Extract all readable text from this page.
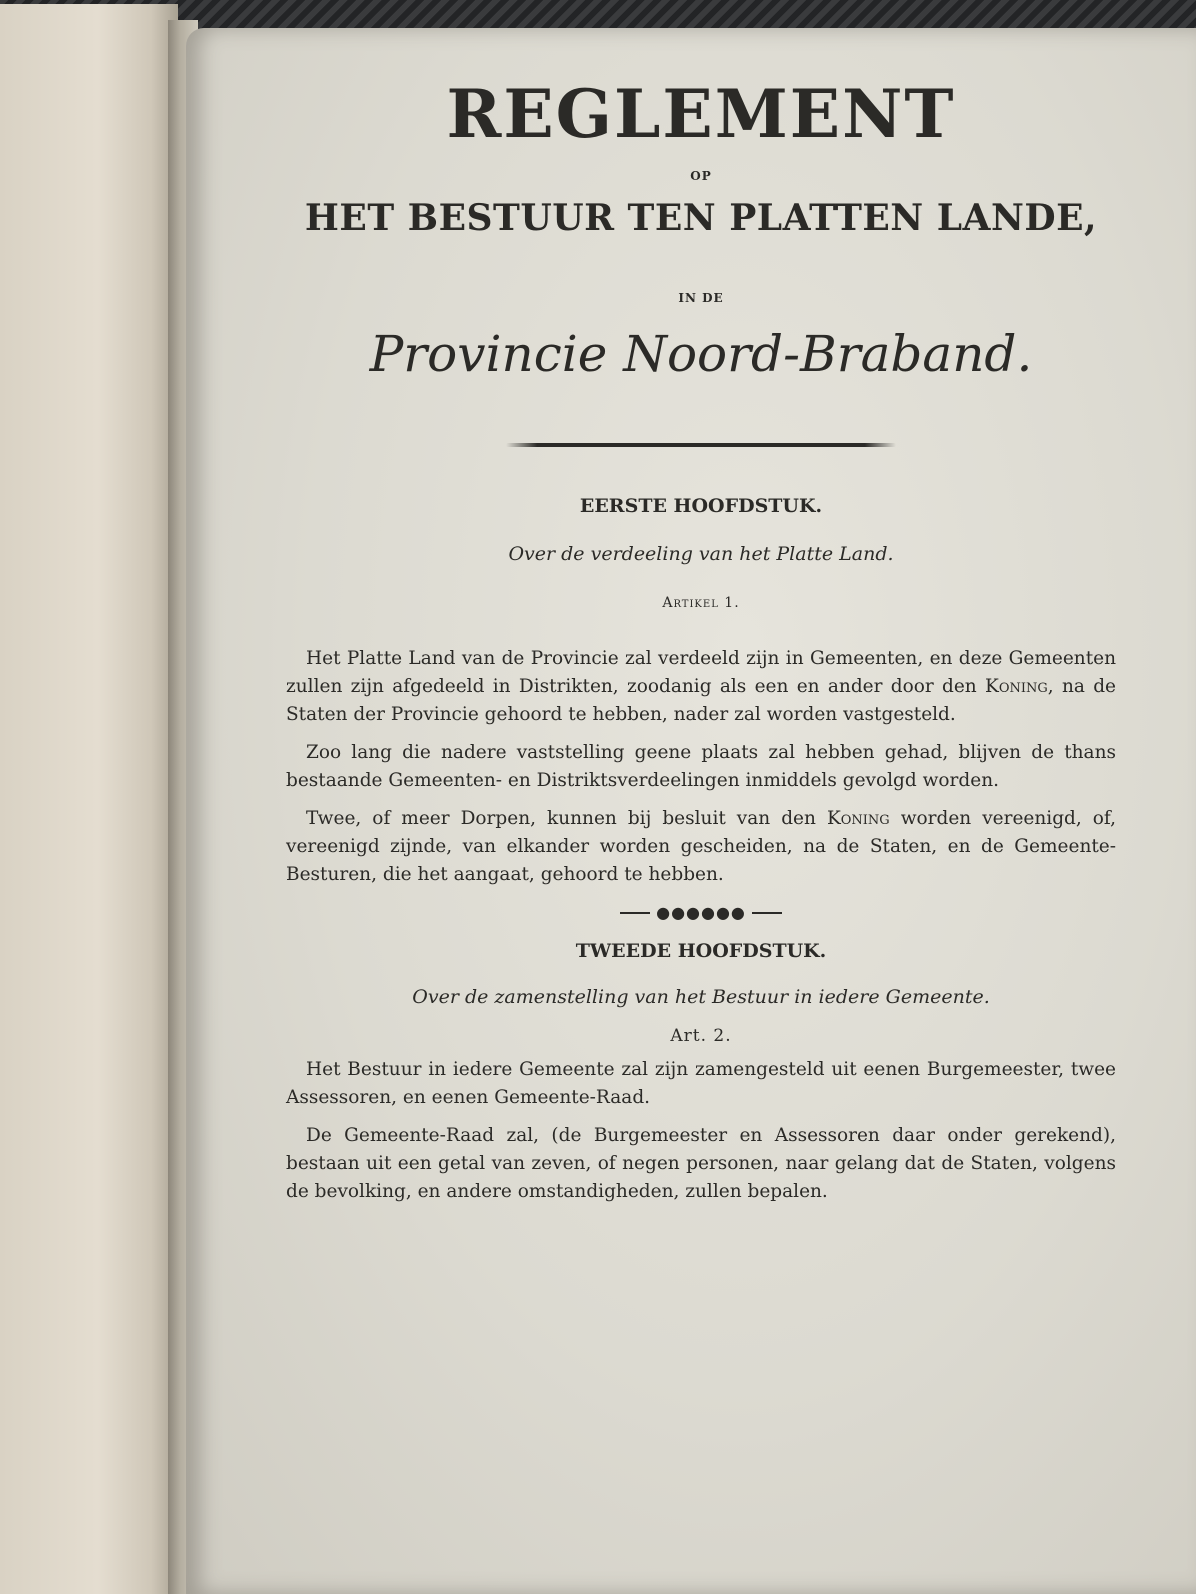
REGLEMENT
OP
HET BESTUUR TEN PLATTEN LANDE,
IN DE
Provincie Noord-Braband.
EERSTE HOOFDSTUK.
Over de verdeeling van het Platte Land.
Artikel 1.

Het Platte Land van de Provincie zal verdeeld zijn in Gemeenten, en deze Gemeenten zullen zijn afgedeeld in Distrikten, zoodanig als een en ander door den Koning, na de Staten der Provincie gehoord te hebben, nader zal worden vastgesteld.

Zoo lang die nadere vaststelling geene plaats zal hebben gehad, blijven de thans bestaande Gemeenten- en Distriktsverdeelingen inmiddels gevolgd worden.

Twee, of meer Dorpen, kunnen bij besluit van den Koning worden vereenigd, of, vereenigd zijnde, van elkander worden gescheiden, na de Staten, en de Gemeente-Besturen, die het aangaat, gehoord te hebben.

●●●●●●
TWEEDE HOOFDSTUK.
Over de zamenstelling van het Bestuur in iedere Gemeente.
Art. 2.

Het Bestuur in iedere Gemeente zal zijn zamengesteld uit eenen Burgemeester, twee Assessoren, en eenen Gemeente-Raad.

De Gemeente-Raad zal, (de Burgemeester en Assessoren daar onder gerekend), bestaan uit een getal van zeven, of negen personen, naar gelang dat de Staten, volgens de bevolking, en andere omstandigheden, zullen bepalen.
